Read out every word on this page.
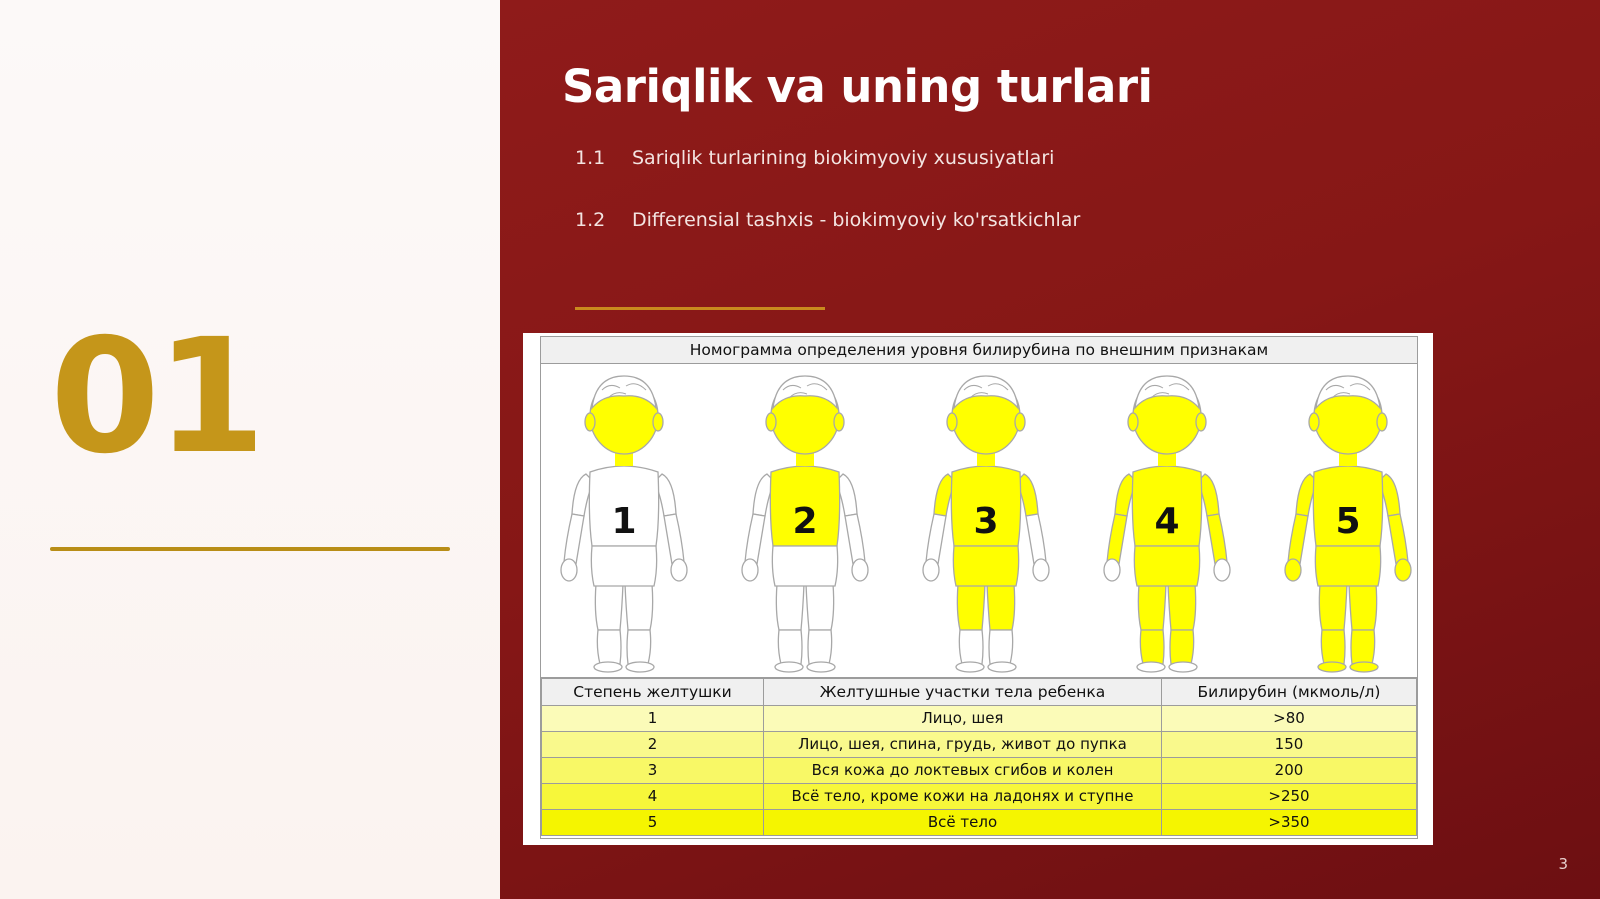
01
Sariqlik va uning turlari
1.1	Sariqlik turlarining biokimyoviy xususiyatlari
1.2	Differensial tashxis - biokimyoviy ko'rsatkichlar
Номограмма определения уровня билирубина по внешним признакам
1	2	3	4	5
Степень желтушки	Желтушные участки тела ребенка	Билирубин (мкмоль/л)
1	Лицо, шея	>80
2	Лицо, шея, спина, грудь, живот до пупка	150
3	Вся кожа до локтевых сгибов и колен	200
4	Всё тело, кроме кожи на ладонях и ступне	>250
5	Всё тело	>350
3
